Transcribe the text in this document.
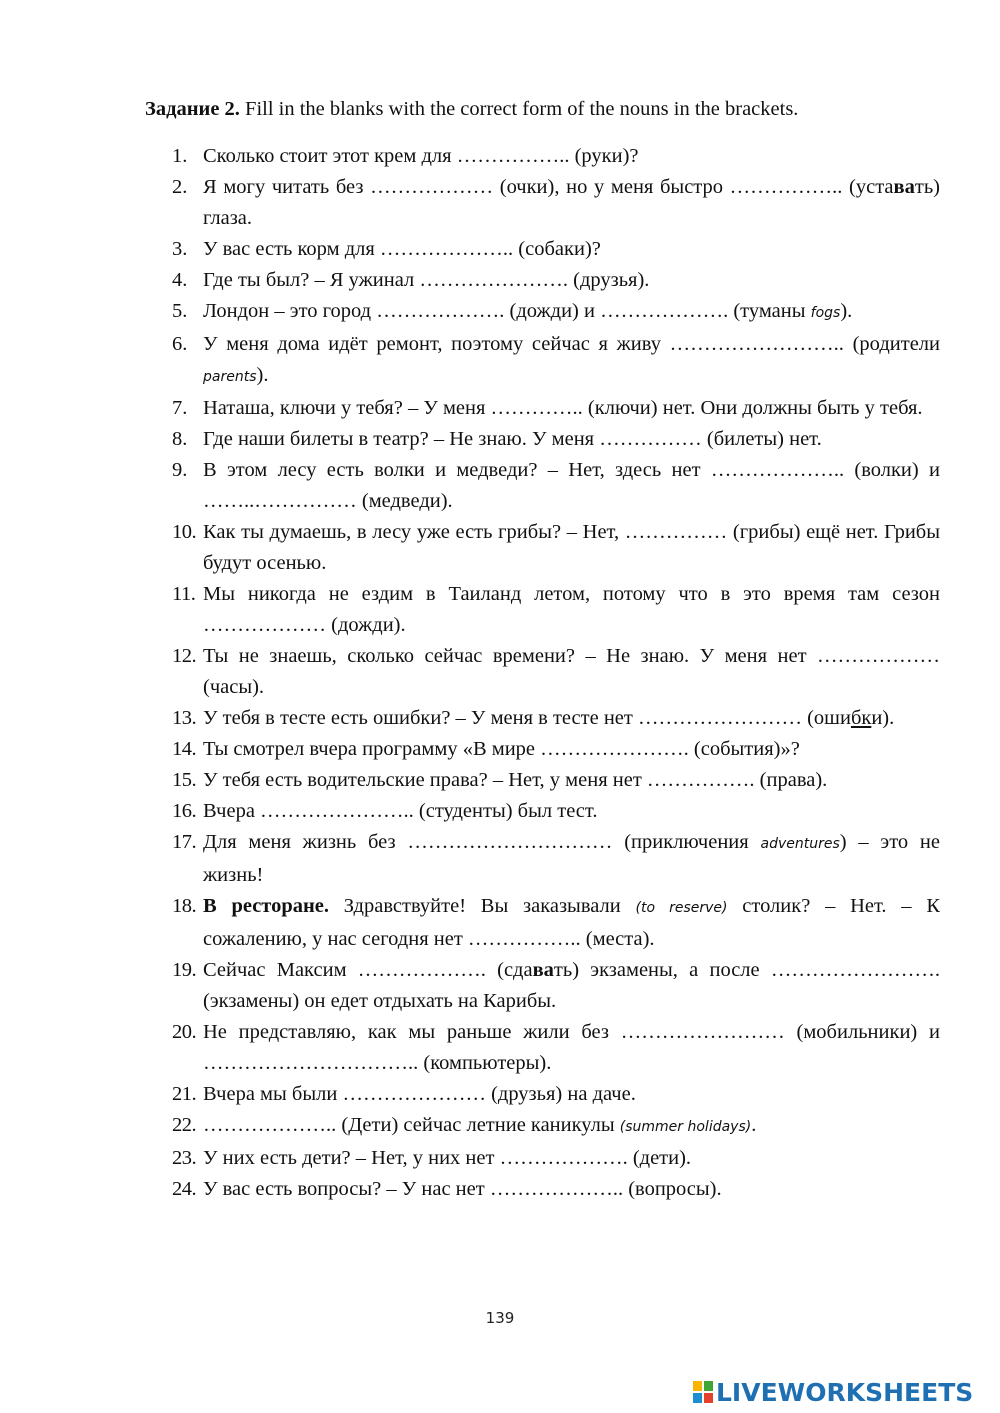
Задание 2. Fill in the blanks with the correct form of the nouns in the brackets.
1. Сколько стоит этот крем для …………….. (руки)?
2. Я могу читать без ……………… (очки), но у меня быстро …………….. (уставать) глаза.
3. У вас есть корм для ……………….. (собаки)?
4. Где ты был? – Я ужинал …………………. (друзья).
5. Лондон – это город ………………. (дожди) и ………………. (туманы fogs).
6. У меня дома идёт ремонт, поэтому сейчас я живу …………………….. (родители parents).
7. Наташа, ключи у тебя? – У меня ………….. (ключи) нет. Они должны быть у тебя.
8. Где наши билеты в театр? – Не знаю. У меня …………… (билеты) нет.
9. В этом лесу есть волки и медведи? – Нет, здесь нет ……………….. (волки) и ……..…………… (медведи).
10. Как ты думаешь, в лесу уже есть грибы? – Нет, …………… (грибы) ещё нет. Грибы будут осенью.
11. Мы никогда не ездим в Таиланд летом, потому что в это время там сезон ……………… (дожди).
12. Ты не знаешь, сколько сейчас времени? – Не знаю. У меня нет ……………… (часы).
13. У тебя в тесте есть ошибки? – У меня в тесте нет …………………… (ошибки).
14. Ты смотрел вчера программу «В мире …………………. (события)»?
15. У тебя есть водительские права? – Нет, у меня нет ……………. (права).
16. Вчера ………………….. (студенты) был тест.
17. Для меня жизнь без ………………………… (приключения adventures) – это не жизнь!
18. В ресторане. Здравствуйте! Вы заказывали (to reserve) столик? – Нет. – К сожалению, у нас сегодня нет …………….. (места).
19. Сейчас Максим ………………. (сдавать) экзамены, а после ……………………. (экзамены) он едет отдыхать на Карибы.
20. Не представляю, как мы раньше жили без …………………… (мобильники) и ………………………….. (компьютеры).
21. Вчера мы были ………………… (друзья) на даче.
22. ……………….. (Дети) сейчас летние каникулы (summer holidays).
23. У них есть дети? – Нет, у них нет ………………. (дети).
24. У вас есть вопросы? – У нас нет ……………….. (вопросы).
139
LIVEWORKSHEETS
